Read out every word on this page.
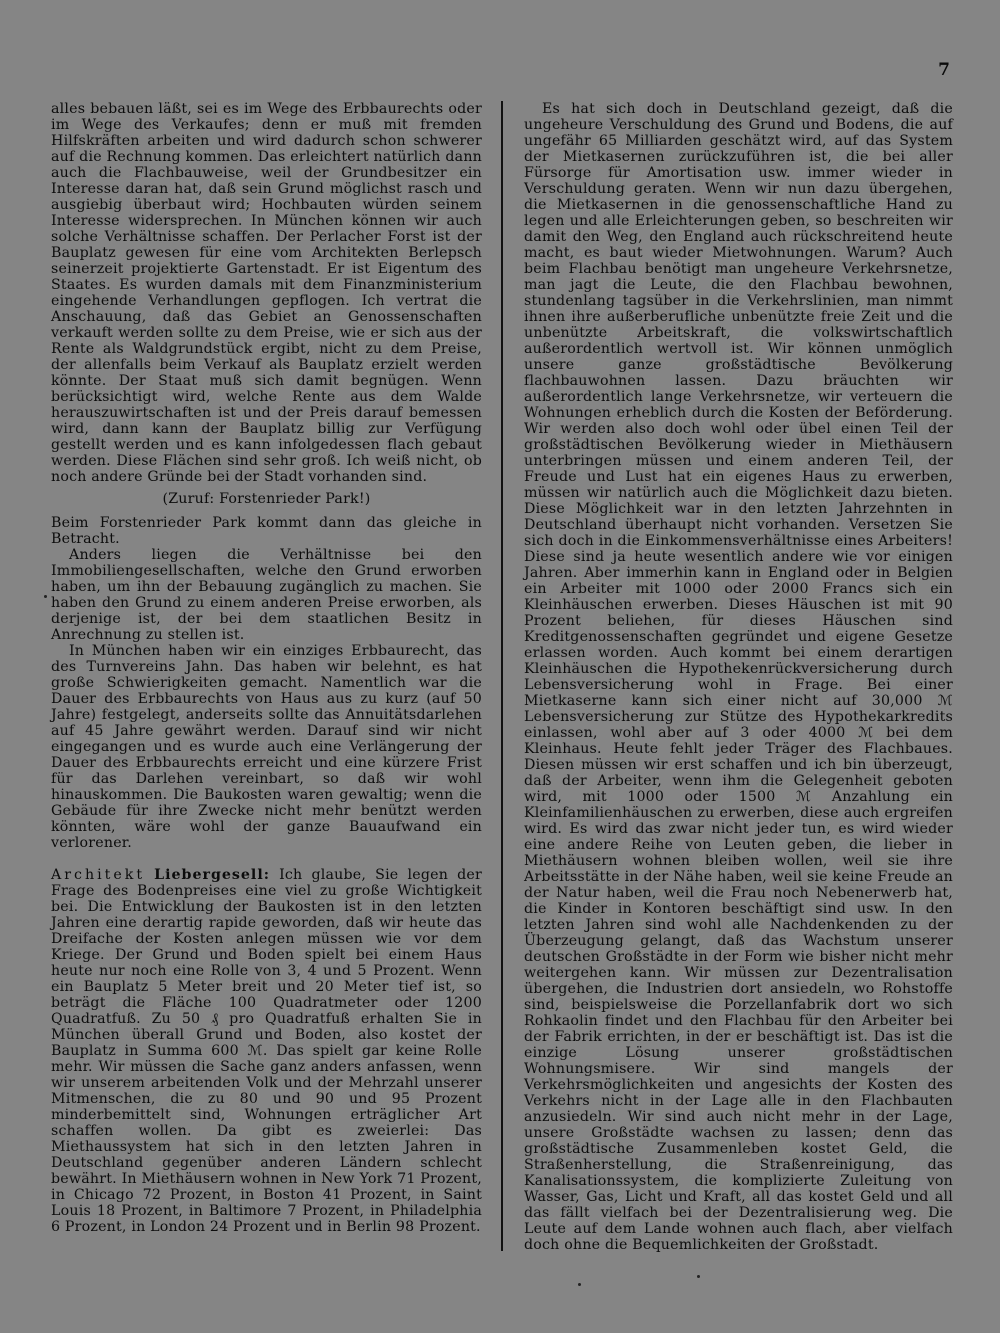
7

alles bebauen läßt, sei es im Wege des Erbbaurechts oder im Wege des Verkaufes; denn er muß mit fremden Hilfskräften arbeiten und wird dadurch schon schwerer auf die Rechnung kommen. Das erleichtert natürlich dann auch die Flachbauweise, weil der Grundbesitzer ein Interesse daran hat, daß sein Grund möglichst rasch und ausgiebig überbaut wird; Hochbauten würden seinem Interesse widersprechen. In München können wir auch solche Verhältnisse schaffen. Der Perlacher Forst ist der Bauplatz gewesen für eine vom Architekten Berlepsch seinerzeit projektierte Gartenstadt. Er ist Eigentum des Staates. Es wurden damals mit dem Finanzministerium eingehende Verhandlungen gepflogen. Ich vertrat die Anschauung, daß das Gebiet an Genossenschaften verkauft werden sollte zu dem Preise, wie er sich aus der Rente als Waldgrundstück ergibt, nicht zu dem Preise, der allenfalls beim Verkauf als Bauplatz erzielt werden könnte. Der Staat muß sich damit begnügen. Wenn berücksichtigt wird, welche Rente aus dem Walde herauszuwirtschaften ist und der Preis darauf bemessen wird, dann kann der Bauplatz billig zur Verfügung gestellt werden und es kann infolgedessen flach gebaut werden. Diese Flächen sind sehr groß. Ich weiß nicht, ob noch andere Gründe bei der Stadt vorhanden sind.

(Zuruf: Forstenrieder Park!)

Beim Forstenrieder Park kommt dann das gleiche in Betracht.

Anders liegen die Verhältnisse bei den Immobiliengesellschaften, welche den Grund erworben haben, um ihn der Bebauung zugänglich zu machen. Sie haben den Grund zu einem anderen Preise erworben, als derjenige ist, der bei dem staatlichen Besitz in Anrechnung zu stellen ist.

In München haben wir ein einziges Erbbaurecht, das des Turnvereins Jahn. Das haben wir belehnt, es hat große Schwierigkeiten gemacht. Namentlich war die Dauer des Erbbaurechts von Haus aus zu kurz (auf 50 Jahre) festgelegt, anderseits sollte das Annuitätsdarlehen auf 45 Jahre gewährt werden. Darauf sind wir nicht eingegangen und es wurde auch eine Verlängerung der Dauer des Erbbaurechts erreicht und eine kürzere Frist für das Darlehen vereinbart, so daß wir wohl hinauskommen. Die Baukosten waren gewaltig; wenn die Gebäude für ihre Zwecke nicht mehr benützt werden könnten, wäre wohl der ganze Bauaufwand ein verlorener.

Architekt Liebergesell: Ich glaube, Sie legen der Frage des Bodenpreises eine viel zu große Wichtigkeit bei. Die Entwicklung der Baukosten ist in den letzten Jahren eine derartig rapide geworden, daß wir heute das Dreifache der Kosten anlegen müssen wie vor dem Kriege. Der Grund und Boden spielt bei einem Haus heute nur noch eine Rolle von 3, 4 und 5 Prozent. Wenn ein Bauplatz 5 Meter breit und 20 Meter tief ist, so beträgt die Fläche 100 Quadratmeter oder 1200 Quadratfuß. Zu 50 ₰ pro Quadratfuß erhalten Sie in München überall Grund und Boden, also kostet der Bauplatz in Summa 600 ℳ. Das spielt gar keine Rolle mehr. Wir müssen die Sache ganz anders anfassen, wenn wir unserem arbeitenden Volk und der Mehrzahl unserer Mitmenschen, die zu 80 und 90 und 95 Prozent minderbemittelt sind, Wohnungen erträglicher Art schaffen wollen. Da gibt es zweierlei: Das Miethaussystem hat sich in den letzten Jahren in Deutschland gegenüber anderen Ländern schlecht bewährt. In Miethäusern wohnen in New York 71 Prozent, in Chicago 72 Prozent, in Boston 41 Prozent, in Saint Louis 18 Prozent, in Baltimore 7 Prozent, in Philadelphia 6 Prozent, in London 24 Prozent und in Berlin 98 Prozent.

Es hat sich doch in Deutschland gezeigt, daß die ungeheure Verschuldung des Grund und Bodens, die auf ungefähr 65 Milliarden geschätzt wird, auf das System der Mietkasernen zurückzuführen ist, die bei aller Fürsorge für Amortisation usw. immer wieder in Verschuldung geraten. Wenn wir nun dazu übergehen, die Mietkasernen in die genossenschaftliche Hand zu legen und alle Erleichterungen geben, so beschreiten wir damit den Weg, den England auch rückschreitend heute macht, es baut wieder Mietwohnungen. Warum? Auch beim Flachbau benötigt man ungeheure Verkehrsnetze, man jagt die Leute, die den Flachbau bewohnen, stundenlang tagsüber in die Verkehrslinien, man nimmt ihnen ihre außerberufliche unbenützte freie Zeit und die unbenützte Arbeitskraft, die volkswirtschaftlich außerordentlich wertvoll ist. Wir können unmöglich unsere ganze großstädtische Bevölkerung flachbauwohnen lassen. Dazu bräuchten wir außerordentlich lange Verkehrsnetze, wir verteuern die Wohnungen erheblich durch die Kosten der Beförderung. Wir werden also doch wohl oder übel einen Teil der großstädtischen Bevölkerung wieder in Miethäusern unterbringen müssen und einem anderen Teil, der Freude und Lust hat ein eigenes Haus zu erwerben, müssen wir natürlich auch die Möglichkeit dazu bieten. Diese Möglichkeit war in den letzten Jahrzehnten in Deutschland überhaupt nicht vorhanden. Versetzen Sie sich doch in die Einkommensverhältnisse eines Arbeiters! Diese sind ja heute wesentlich andere wie vor einigen Jahren. Aber immerhin kann in England oder in Belgien ein Arbeiter mit 1000 oder 2000 Francs sich ein Kleinhäuschen erwerben. Dieses Häuschen ist mit 90 Prozent beliehen, für dieses Häuschen sind Kreditgenossenschaften gegründet und eigene Gesetze erlassen worden. Auch kommt bei einem derartigen Kleinhäuschen die Hypothekenrückversicherung durch Lebensversicherung wohl in Frage. Bei einer Mietkaserne kann sich einer nicht auf 30,000 ℳ Lebensversicherung zur Stütze des Hypothekarkredits einlassen, wohl aber auf 3 oder 4000 ℳ bei dem Kleinhaus. Heute fehlt jeder Träger des Flachbaues. Diesen müssen wir erst schaffen und ich bin überzeugt, daß der Arbeiter, wenn ihm die Gelegenheit geboten wird, mit 1000 oder 1500 ℳ Anzahlung ein Kleinfamilienhäuschen zu erwerben, diese auch ergreifen wird. Es wird das zwar nicht jeder tun, es wird wieder eine andere Reihe von Leuten geben, die lieber in Miethäusern wohnen bleiben wollen, weil sie ihre Arbeitsstätte in der Nähe haben, weil sie keine Freude an der Natur haben, weil die Frau noch Nebenerwerb hat, die Kinder in Kontoren beschäftigt sind usw. In den letzten Jahren sind wohl alle Nachdenkenden zu der Überzeugung gelangt, daß das Wachstum unserer deutschen Großstädte in der Form wie bisher nicht mehr weitergehen kann. Wir müssen zur Dezentralisation übergehen, die Industrien dort ansiedeln, wo Rohstoffe sind, beispielsweise die Porzellanfabrik dort wo sich Rohkaolin findet und den Flachbau für den Arbeiter bei der Fabrik errichten, in der er beschäftigt ist. Das ist die einzige Lösung unserer großstädtischen Wohnungsmisere. Wir sind mangels der Verkehrsmöglichkeiten und angesichts der Kosten des Verkehrs nicht in der Lage alle in den Flachbauten anzusiedeln. Wir sind auch nicht mehr in der Lage, unsere Großstädte wachsen zu lassen; denn das großstädtische Zusammenleben kostet Geld, die Straßenherstellung, die Straßenreinigung, das Kanalisationssystem, die komplizierte Zuleitung von Wasser, Gas, Licht und Kraft, all das kostet Geld und all das fällt vielfach bei der Dezentralisierung weg. Die Leute auf dem Lande wohnen auch flach, aber vielfach doch ohne die Bequemlichkeiten der Großstadt.
